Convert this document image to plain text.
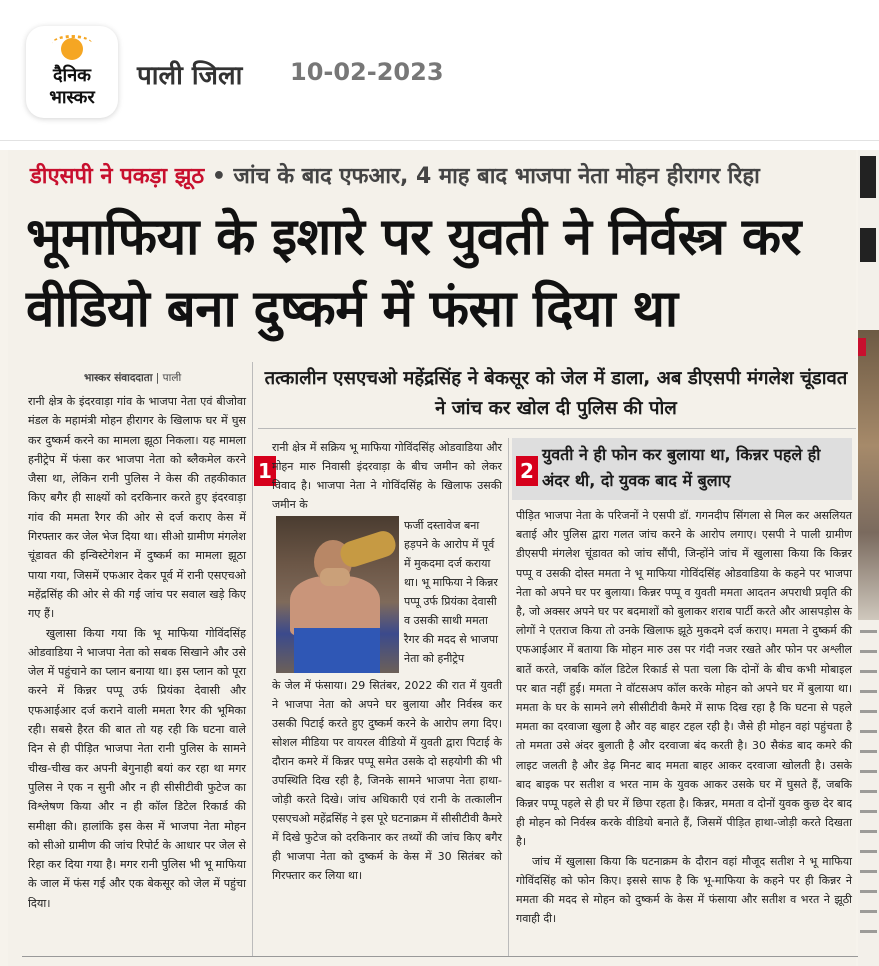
दैनिक
भास्कर
पाली जिला 10-02-2023
डीएसपी ने पकड़ा झूठ • जांच के बाद एफआर, 4 माह बाद भाजपा नेता मोहन हीरागर रिहा
भूमाफिया के इशारे पर युवती ने निर्वस्त्र कर वीडियो बना दुष्कर्म में फंसा दिया था
भास्कर संवाददाता | पाली

रानी क्षेत्र के इंदरवाड़ा गांव के भाजपा नेता एवं बीजोवा मंडल के महामंत्री मोहन हीरागर के खिलाफ घर में घुस कर दुष्कर्म करने का मामला झूठा निकला। यह मामला हनीट्रेप में फंसा कर भाजपा नेता को ब्लैकमेल करने जैसा था, लेकिन रानी पुलिस ने केस की तहकीकात किए बगैर ही साक्ष्यों को दरकिनार करते हुए इंदरवाड़ा गांव की ममता रैगर की ओर से दर्ज कराए केस में गिरफ्तार कर जेल भेज दिया था। सीओ ग्रामीण मंगलेश चूंडावत की इन्विस्टेगेशन में दुष्कर्म का मामला झूठा पाया गया, जिसमें एफआर देकर पूर्व में रानी एसएचओ महेंद्रसिंह की ओर से की गई जांच पर सवाल खड़े किए गए हैं।

खुलासा किया गया कि भू माफिया गोविंदसिंह ओडवाडिया ने भाजपा नेता को सबक सिखाने और उसे जेल में पहुंचाने का प्लान बनाया था। इस प्लान को पूरा करने में किन्नर पप्पू उर्फ प्रियंका देवासी और एफआईआर दर्ज कराने वाली ममता रैगर की भूमिका रही। सबसे हैरत की बात तो यह रही कि घटना वाले दिन से ही पीड़ित भाजपा नेता रानी पुलिस के सामने चीख-चीख कर अपनी बेगुनाही बयां कर रहा था मगर पुलिस ने एक न सुनी और न ही सीसीटीवी फुटेज का विश्लेषण किया और न ही कॉल डिटेल रिकार्ड की समीक्षा की। हालांकि इस केस में भाजपा नेता मोहन को सीओ ग्रामीण की जांच रिपोर्ट के आधार पर जेल से रिहा कर दिया गया है। मगर रानी पुलिस भी भू माफिया के जाल में फंस गई और एक बेकसूर को जेल में पहुंचा दिया।

तत्कालीन एसएचओ महेंद्रसिंह ने बेकसूर को जेल में डाला, अब डीएसपी मंगलेश चूंडावत ने जांच कर खोल दी पुलिस की पोल
1

रानी क्षेत्र में सक्रिय भू माफिया गोविंदसिंह ओडवाडिया और मोहन मारु निवासी इंदरवाड़ा के बीच जमीन को लेकर विवाद है। भाजपा नेता ने गोविंदसिंह के खिलाफ उसकी जमीन के

फर्जी दस्तावेज बना हड़पने के आरोप में पूर्व में मुकदमा दर्ज कराया था। भू माफिया ने किन्नर पप्पू उर्फ प्रियंका देवासी व उसकी साथी ममता रैगर की मदद से भाजपा नेता को हनीट्रेप

के जेल में फंसाया। 29 सितंबर, 2022 की रात में युवती ने भाजपा नेता को अपने घर बुलाया और निर्वस्त्र कर उसकी पिटाई करते हुए दुष्कर्म करने के आरोप लगा दिए। सोशल मीडिया पर वायरल वीडियो में युवती द्वारा पिटाई के दौरान कमरे में किन्नर पप्पू समेत उसके दो सहयोगी की भी उपस्थिति दिख रही है, जिनके सामने भाजपा नेता हाथा-जोड़ी करते दिखे। जांच अधिकारी एवं रानी के तत्कालीन एसएचओ महेंद्रसिंह ने इस पूरे घटनाक्रम में सीसीटीवी कैमरे में दिखे फुटेज को दरकिनार कर तथ्यों की जांच किए बगैर ही भाजपा नेता को दुष्कर्म के केस में 30 सितंबर को गिरफ्तार कर लिया था।

2
युवती ने ही फोन कर बुलाया था, किन्नर पहले ही अंदर थी, दो युवक बाद में बुलाए

पीड़ित भाजपा नेता के परिजनों ने एसपी डॉ. गगनदीप सिंगला से मिल कर असलियत बताई और पुलिस द्वारा गलत जांच करने के आरोप लगाए। एसपी ने पाली ग्रामीण डीएसपी मंगलेश चूंडावत को जांच सौंपी, जिन्होंने जांच में खुलासा किया कि किन्नर पप्पू व उसकी दोस्त ममता ने भू माफिया गोविंदसिंह ओडवाडिया के कहने पर भाजपा नेता को अपने घर पर बुलाया। किन्नर पप्पू व युवती ममता आदतन अपराधी प्रवृति की है, जो अक्सर अपने घर पर बदमाशों को बुलाकर शराब पार्टी करते और आसपड़ोस के लोगों ने एतराज किया तो उनके खिलाफ झूठे मुकदमे दर्ज कराए। ममता ने दुष्कर्म की एफआईआर में बताया कि मोहन मारु उस पर गंदी नजर रखते और फोन पर अश्लील बातें करते, जबकि कॉल डिटेल रिकार्ड से पता चला कि दोनों के बीच कभी मोबाइल पर बात नहीं हुई। ममता ने वॉटसअप कॉल करके मोहन को अपने घर में बुलाया था। ममता के घर के सामने लगे सीसीटीवी कैमरे में साफ दिख रहा है कि घटना से पहले ममता का दरवाजा खुला है और वह बाहर टहल रही है। जैसे ही मोहन वहां पहुंचता है तो ममता उसे अंदर बुलाती है और दरवाजा बंद करती है। 30 सैकंड बाद कमरे की लाइट जलती है और डेढ़ मिनट बाद ममता बाहर आकर दरवाजा खोलती है। उसके बाद बाइक पर सतीश व भरत नाम के युवक आकर उसके घर में घुसते हैं, जबकि किन्नर पप्पू पहले से ही घर में छिपा रहता है। किन्नर, ममता व दोनों युवक कुछ देर बाद ही मोहन को निर्वस्त्र करके वीडियो बनाते हैं, जिसमें पीड़ित हाथा-जोड़ी करते दिखता है।

जांच में खुलासा किया कि घटनाक्रम के दौरान वहां मौजूद सतीश ने भू माफिया गोविंदसिंह को फोन किए। इससे साफ है कि भू-माफिया के कहने पर ही किन्नर ने ममता की मदद से मोहन को दुष्कर्म के केस में फंसाया और सतीश व भरत ने झूठी गवाही दी।
